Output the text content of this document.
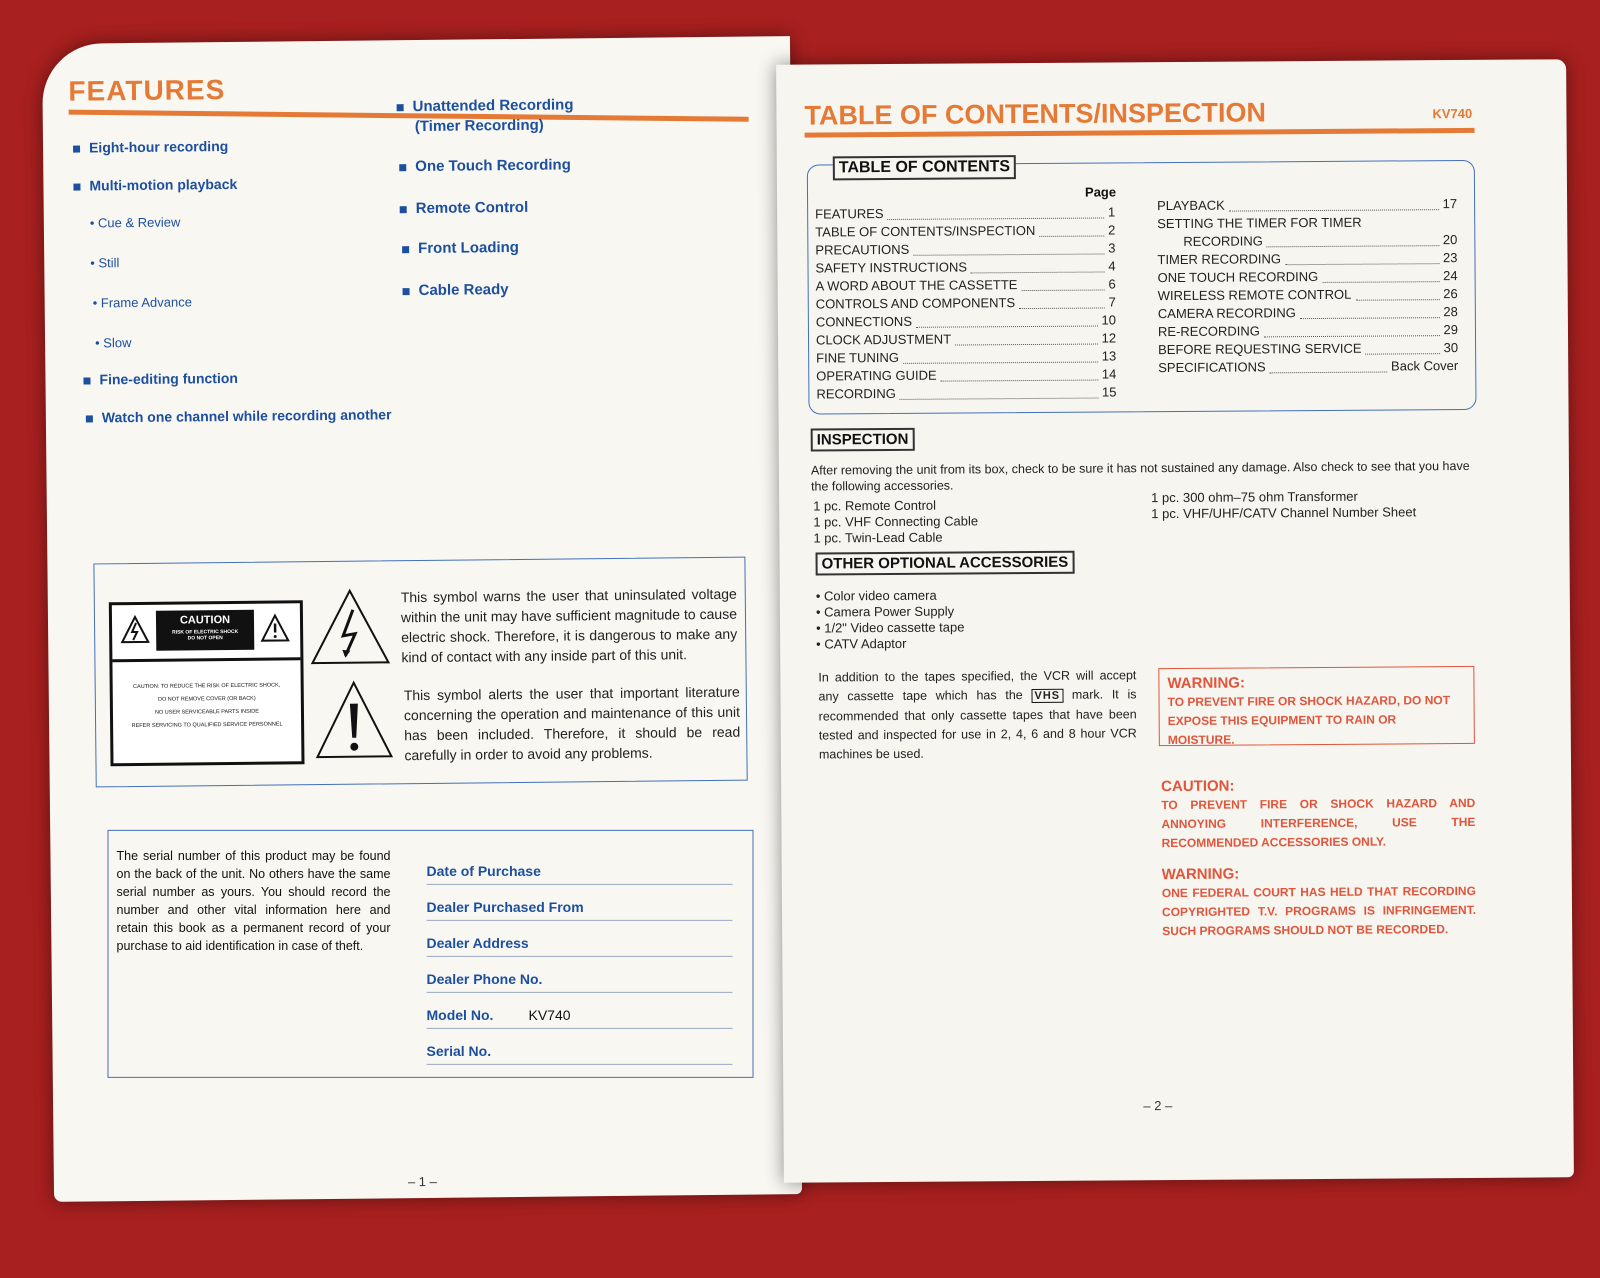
FEATURES
Eight-hour recording
Multi-motion playback
• Cue & Review
• Still
• Frame Advance
• Slow
Fine-editing function
Watch one channel while recording another
Unattended Recording
(Timer Recording)
One Touch Recording
Remote Control
Front Loading
Cable Ready
CAUTION
RISK OF ELECTRIC SHOCK
DO NOT OPEN
CAUTION: TO REDUCE THE RISK OF ELECTRIC SHOCK,
DO NOT REMOVE COVER (OR BACK)
NO USER SERVICEABLE PARTS INSIDE
REFER SERVICING TO QUALIFIED SERVICE PERSONNEL
This symbol warns the user that uninsulated voltage within the unit may have sufficient magnitude to cause electric shock. Therefore, it is dangerous to make any kind of contact with any inside part of this unit.
This symbol alerts the user that important literature concerning the operation and maintenance of this unit has been included. Therefore, it should be read carefully in order to avoid any problems.
The serial number of this product may be found on the back of the unit. No others have the same serial number as yours. You should record the number and other vital information here and retain this book as a permanent record of your purchase to aid identification in case of theft.
Date of Purchase
Dealer Purchased From
Dealer Address
Dealer Phone No.
Model No.	KV740
Serial No.
– 1 –
TABLE OF CONTENTS/INSPECTION	KV740
TABLE OF CONTENTS
Page
FEATURES	1
TABLE OF CONTENTS/INSPECTION	2
PRECAUTIONS	3
SAFETY INSTRUCTIONS	4
A WORD ABOUT THE CASSETTE	6
CONTROLS AND COMPONENTS	7
CONNECTIONS	10
CLOCK ADJUSTMENT	12
FINE TUNING	13
OPERATING GUIDE	14
RECORDING	15
PLAYBACK	17
SETTING THE TIMER FOR TIMER
RECORDING	20
TIMER RECORDING	23
ONE TOUCH RECORDING	24
WIRELESS REMOTE CONTROL	26
CAMERA RECORDING	28
RE-RECORDING	29
BEFORE REQUESTING SERVICE	30
SPECIFICATIONS	Back Cover
INSPECTION
After removing the unit from its box, check to be sure it has not sustained any damage. Also check to see that you have the following accessories.
1 pc. Remote Control
1 pc. VHF Connecting Cable
1 pc. Twin-Lead Cable
1 pc. 300 ohm–75 ohm Transformer
1 pc. VHF/UHF/CATV Channel Number Sheet
OTHER OPTIONAL ACCESSORIES
• Color video camera
• Camera Power Supply
• 1/2" Video cassette tape
• CATV Adaptor
In addition to the tapes specified, the VCR will accept any cassette tape which has the VHS mark. It is recommended that only cassette tapes that have been tested and inspected for use in 2, 4, 6 and 8 hour VCR machines be used.
WARNING:
TO PREVENT FIRE OR SHOCK HAZARD, DO NOT EXPOSE THIS EQUIPMENT TO RAIN OR MOISTURE.
CAUTION:
TO PREVENT FIRE OR SHOCK HAZARD AND ANNOYING INTERFERENCE, USE THE RECOMMENDED ACCESSORIES ONLY.
WARNING:
ONE FEDERAL COURT HAS HELD THAT RECORDING COPYRIGHTED T.V. PROGRAMS IS INFRINGEMENT. SUCH PROGRAMS SHOULD NOT BE RECORDED.
– 2 –
